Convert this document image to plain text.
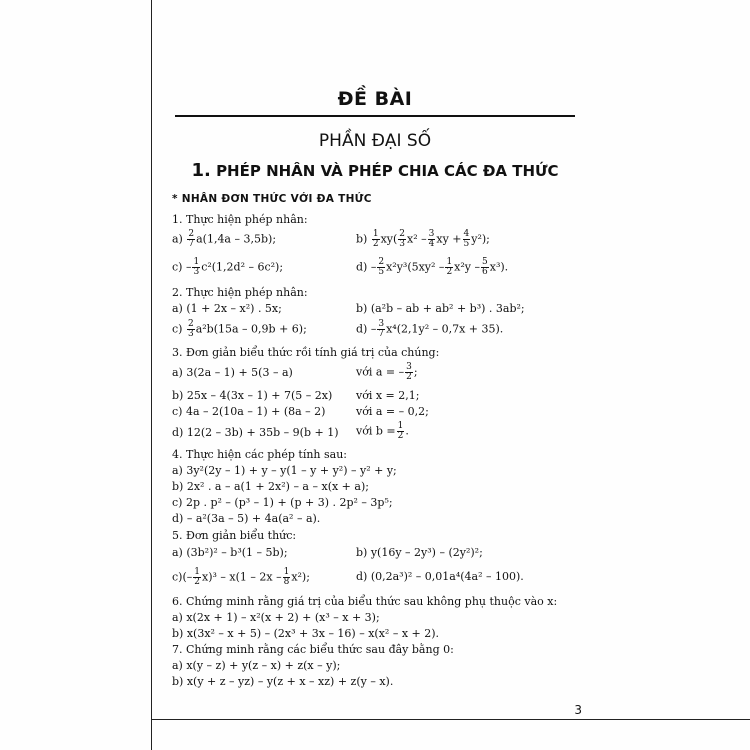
ĐỀ BÀI
PHẦN ĐẠI SỐ
1. PHÉP NHÂN VÀ PHÉP CHIA CÁC ĐA THỨC
* NHÂN ĐƠN THỨC VỚI ĐA THỨC
1. Thực hiện phép nhân:
$a) \frac{2}{7} a(1,4a - 3,5b)$;	$b) \frac{1}{2} xy( \frac{2}{3} x^2 - \frac{3}{4}$ xy + $\frac{4}{5} y^2$);
$c) - \frac{1}{3} c^2(1,2d^2 - 6c^2)$;	$d) - \frac{2}{5} x^2y^3(5xy^2 - \frac{1}{2} x^2y - \frac{5}{6} x^3)$.
2. Thực hiện phép nhân:
a) (1 + 2x – x²) . 5x;	b) (a²b – ab + ab² + b³) . 3ab²;
$c) \frac{2}{3} a^2b(15a - 0,9b + 6)$;	$d) - \frac{3}{7} x^4(2,1y^2 - 0,7x + 35)$.
3. Đơn giản biểu thức rồi tính giá trị của chúng:
a) 3(2a – 1) + 5(3 – a)	với a = – $\frac{3}{2}$ ;
b) 25x – 4(3x – 1) + 7(5 – 2x) với x = 2,1;
c) 4a – 2(10a – 1) + (8a – 2)	với a = – 0,2;
d) 12(2 – 3b) + 35b – 9(b + 1) với $b = \frac{1}{2}$ .
4. Thực hiện các phép tính sau:
a) 3y²(2y – 1) + y – y(1 – y + y²) – y² + y;
b) 2x² . a – a(1 + 2x²) – a – x(x + a);
c) 2p . p² – (p³ – 1) + (p + 3) . 2p² – 3p⁵;
d) – a²(3a – 5) + 4a(a² – a).
5. Đơn giản biểu thức:
a) (3b²)² – b³(1 – 5b);	b) y(16y – 2y³) – (2y²)²;
$c)(- \frac{1}{2} x)^3 - x(1 - 2x - \frac{1}{8} x^2)$;	d) (0,2a³)² – 0,01a⁴(4a² – 100).
6. Chứng minh rằng giá trị của biểu thức sau không phụ thuộc vào x:
a) x(2x + 1) – x²(x + 2) + (x³ – x + 3);
b) x(3x² – x + 5) – (2x³ + 3x – 16) – x(x² – x + 2).
7. Chứng minh rằng các biểu thức sau đây bằng 0:
a) x(y – z) + y(z – x) + z(x – y);
b) x(y + z – yz) – y(z + x – xz) + z(y – x).
3
